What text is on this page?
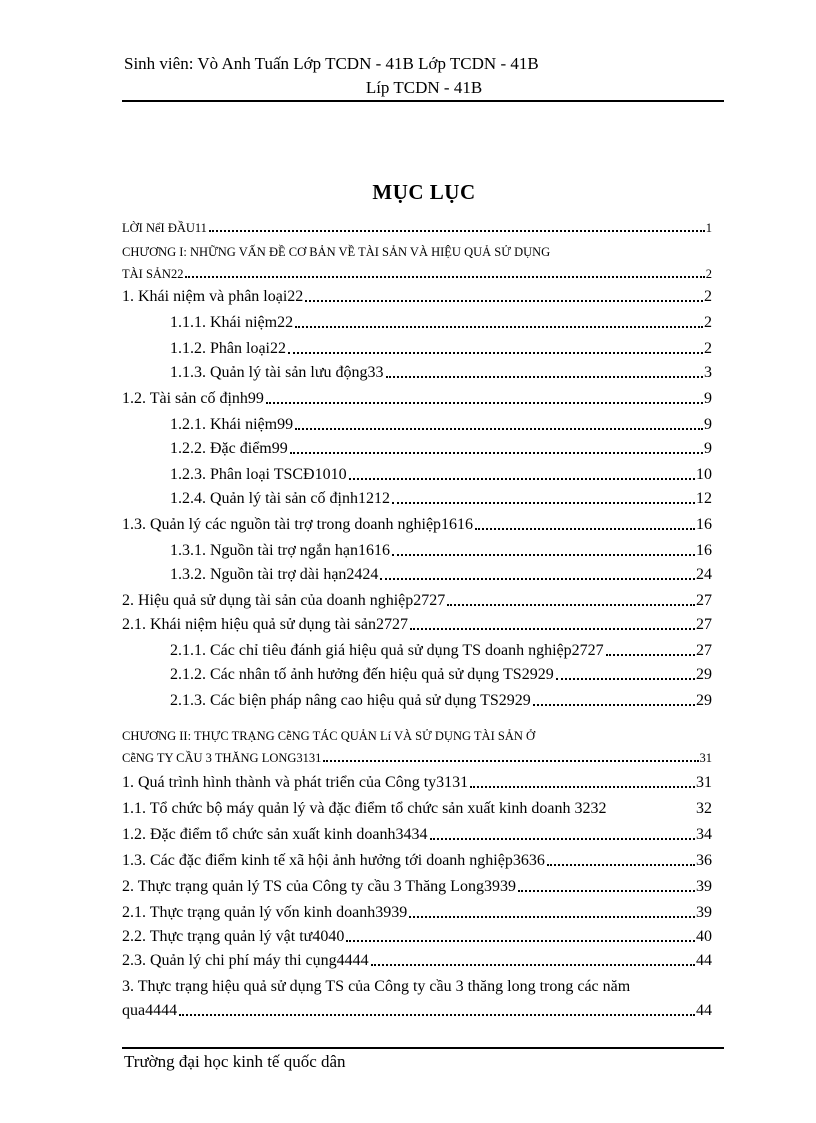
Sinh viên: Vò Anh Tuấn Lớp TCDN - 41B Lớp TCDN - 41B
Líp TCDN - 41B
MỤC LỤC
LỜI NểI ĐẦU11	1
CHƯƠNG I: NHỮNG VẤN ĐỀ CƠ BẢN VỀ TÀI SẢN VÀ HIỆU QUẢ SỬ DỤNG
TÀI SẢN22	2
1. Khái niệm và phân loại22	2
1.1.1. Khái niệm22	2
1.1.2. Phân loại22	2
1.1.3. Quản lý tài sản lưu động33	3
1.2. Tài sản cố định99	9
1.2.1. Khái niệm99	9
1.2.2. Đặc điểm99	9
1.2.3. Phân loại TSCĐ1010	10
1.2.4. Quản lý tài sản cố định1212	12
1.3. Quản lý các nguồn tài trợ trong doanh nghiệp1616	16
1.3.1. Nguồn tài trợ ngắn hạn1616	16
1.3.2. Nguồn tài trợ dài hạn2424	24
2. Hiệu quả sử dụng tài sản của doanh nghiệp2727	27
2.1. Khái niệm hiệu quả sử dụng tài sản2727	27
2.1.1. Các chỉ tiêu đánh giá hiệu quả sử dụng TS doanh nghiệp2727	27
2.1.2. Các nhân tố ảnh hưởng đến hiệu quả sử dụng TS2929	29
2.1.3. Các biện pháp nâng cao hiệu quả sử dụng TS2929	29
CHƯƠNG II: THỰC TRẠNG CễNG TÁC QUẢN Lí VÀ SỬ DỤNG TÀI SẢN Ở
CễNG TY CẦU 3 THĂNG LONG3131	31
1. Quá trình hình thành và phát triển của Công ty3131	31
1.1. Tổ chức bộ máy quản lý và đặc điểm tổ chức sản xuất kinh doanh 3232	32
1.2. Đặc điểm tổ chức sản xuất kinh doanh3434	34
1.3. Các đặc điểm kinh tế xã hội ảnh hưởng tới doanh nghiệp3636	36
2. Thực trạng quản lý TS của Công ty cầu 3 Thăng Long3939	39
2.1. Thực trạng quản lý vốn kinh doanh3939	39
2.2. Thực trạng quản lý vật tư4040	40
2.3. Quản lý chi phí máy thi cụng4444	44
3. Thực trạng hiệu quả sử dụng TS của Công ty cầu 3 thăng long trong các năm
qua4444	44
Trường đại học kinh tế quốc dân
